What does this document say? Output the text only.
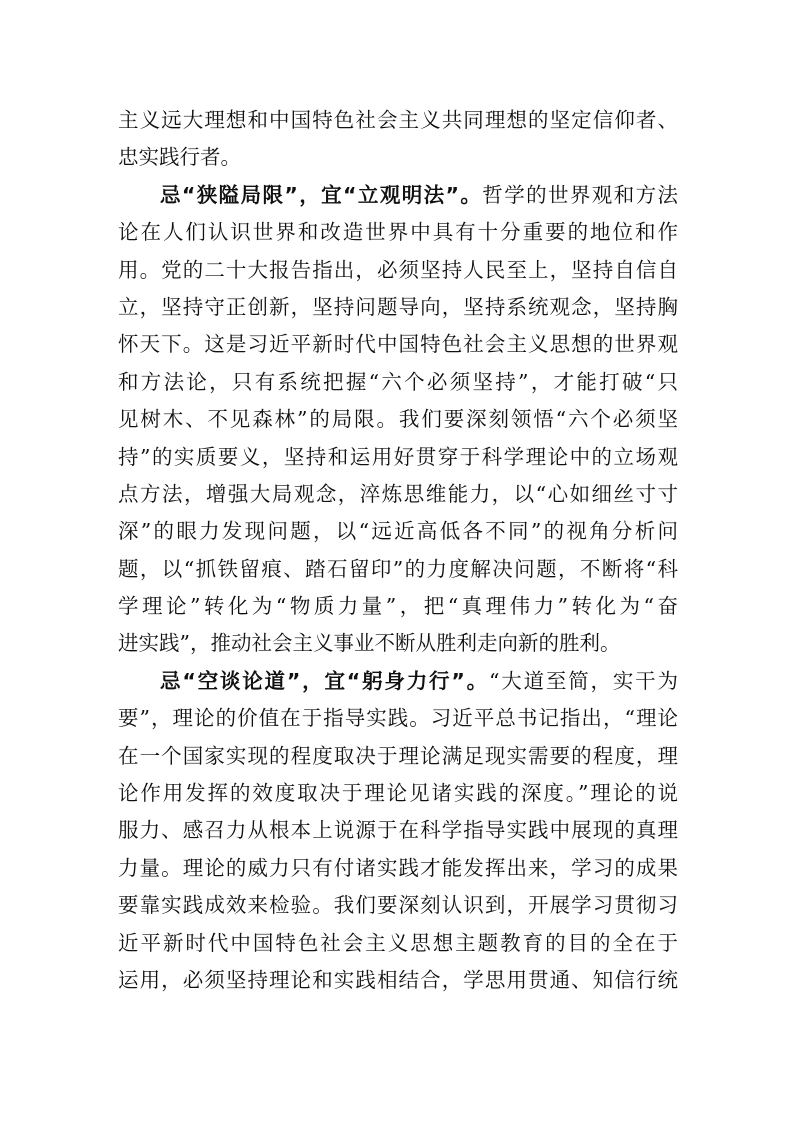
主义远大理想和中国特色社会主义共同理想的坚定信仰者、
忠实践行者。
忌“狭隘局限”，宜“立观明法”。哲学的世界观和方法
论在人们认识世界和改造世界中具有十分重要的地位和作
用。党的二十大报告指出，必须坚持人民至上，坚持自信自
立，坚持守正创新，坚持问题导向，坚持系统观念，坚持胸
怀天下。这是习近平新时代中国特色社会主义思想的世界观
和方法论，只有系统把握“六个必须坚持”，才能打破“只
见树木、不见森林”的局限。我们要深刻领悟“六个必须坚
持”的实质要义，坚持和运用好贯穿于科学理论中的立场观
点方法，增强大局观念，淬炼思维能力，以“心如细丝寸寸
深”的眼力发现问题，以“远近高低各不同”的视角分析问
题，以“抓铁留痕、踏石留印”的力度解决问题，不断将“科
学理论”转化为“物质力量”，把“真理伟力”转化为“奋
进实践”，推动社会主义事业不断从胜利走向新的胜利。
忌“空谈论道”，宜“躬身力行”。“大道至简，实干为
要”，理论的价值在于指导实践。习近平总书记指出，“理论
在一个国家实现的程度取决于理论满足现实需要的程度，理
论作用发挥的效度取决于理论见诸实践的深度。”理论的说
服力、感召力从根本上说源于在科学指导实践中展现的真理
力量。理论的威力只有付诸实践才能发挥出来，学习的成果
要靠实践成效来检验。我们要深刻认识到，开展学习贯彻习
近平新时代中国特色社会主义思想主题教育的目的全在于
运用，必须坚持理论和实践相结合，学思用贯通、知信行统
